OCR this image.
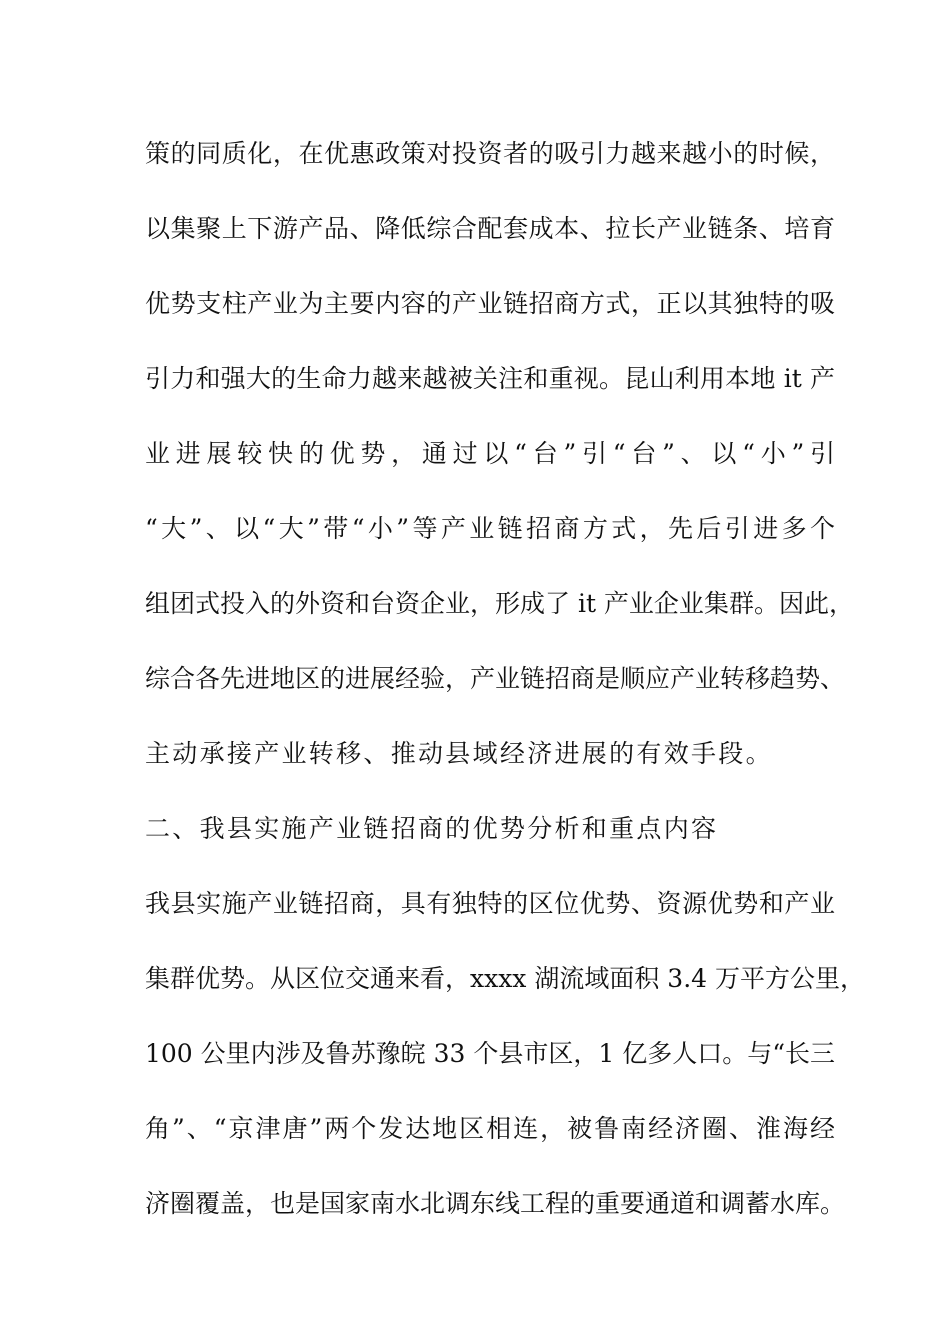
策的同质化，在优惠政策对投资者的吸引力越来越小的时候，
以集聚上下游产品、降低综合配套成本、拉长产业链条、培育
优势支柱产业为主要内容的产业链招商方式，正以其独特的吸
引力和强大的生命力越来越被关注和重视。昆山利用本地 it 产
业进展较快的优势，通过以“台”引“台”、以“小”引
“大”、以“大”带“小”等产业链招商方式，先后引进多个
组团式投入的外资和台资企业，形成了 it 产业企业集群。因此，
综合各先进地区的进展经验，产业链招商是顺应产业转移趋势、
主动承接产业转移、推动县域经济进展的有效手段。
二、我县实施产业链招商的优势分析和重点内容
我县实施产业链招商，具有独特的区位优势、资源优势和产业
集群优势。从区位交通来看，xxxx 湖流域面积 3.4 万平方公里，
100 公里内涉及鲁苏豫皖 33 个县市区，1 亿多人口。与“长三
角”、“京津唐”两个发达地区相连，被鲁南经济圈、淮海经
济圈覆盖，也是国家南水北调东线工程的重要通道和调蓄水库。
